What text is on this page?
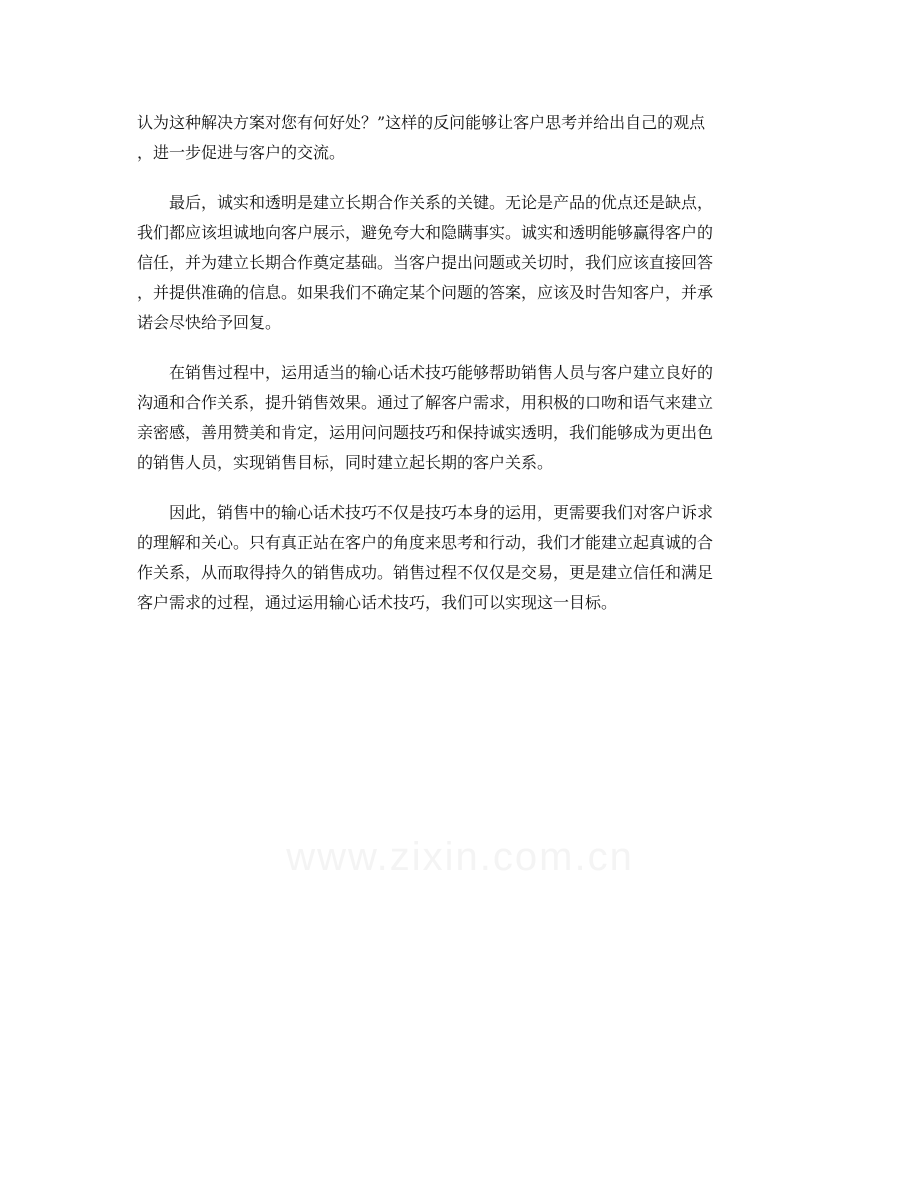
认为这种解决方案对您有何好处？”这样的反问能够让客户思考并给出自己的观点
，进一步促进与客户的交流。

　　最后，诚实和透明是建立长期合作关系的关键。无论是产品的优点还是缺点，
我们都应该坦诚地向客户展示，避免夸大和隐瞒事实。诚实和透明能够赢得客户的
信任，并为建立长期合作奠定基础。当客户提出问题或关切时，我们应该直接回答
，并提供准确的信息。如果我们不确定某个问题的答案，应该及时告知客户，并承
诺会尽快给予回复。

　　在销售过程中，运用适当的输心话术技巧能够帮助销售人员与客户建立良好的
沟通和合作关系，提升销售效果。通过了解客户需求，用积极的口吻和语气来建立
亲密感，善用赞美和肯定，运用问问题技巧和保持诚实透明，我们能够成为更出色
的销售人员，实现销售目标，同时建立起长期的客户关系。

　　因此，销售中的输心话术技巧不仅是技巧本身的运用，更需要我们对客户诉求
的理解和关心。只有真正站在客户的角度来思考和行动，我们才能建立起真诚的合
作关系，从而取得持久的销售成功。销售过程不仅仅是交易，更是建立信任和满足
客户需求的过程，通过运用输心话术技巧，我们可以实现这一目标。

www.zixin.com.cn
